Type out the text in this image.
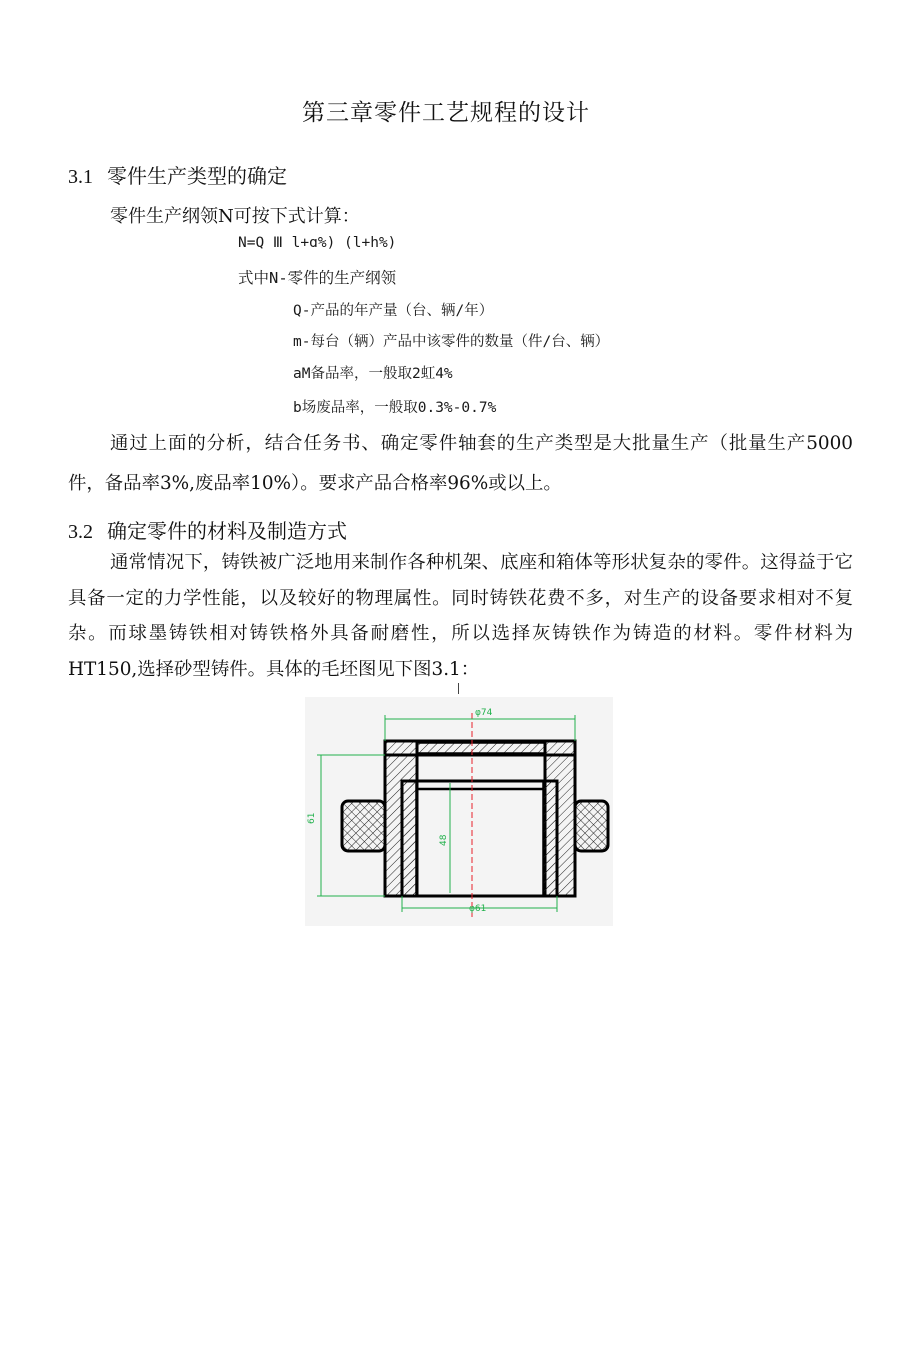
第三章零件工艺规程的设计
3.1 零件生产类型的确定
零件生产纲领N可按下式计算：
N=Q Ⅲ l+ɑ%) (l+h%)
式中N-零件的生产纲领
Q-产品的年产量（台、辆/年）
m-每台（辆）产品中该零件的数量（件/台、辆）
aM备品率，一般取2虹4%
b场废品率，一般取0.3%-0.7%
通过上面的分析，结合任务书、确定零件轴套的生产类型是大批量生产（批量生产5000件，备品率3%,废品率10%）。要求产品合格率96%或以上。
3.2 确定零件的材料及制造方式
通常情况下，铸铁被广泛地用来制作各种机架、底座和箱体等形状复杂的零件。这得益于它具备一定的力学性能，以及较好的物理属性。同时铸铁花费不多，对生产的设备要求相对不复杂。而球墨铸铁相对铸铁格外具备耐磨性，所以选择灰铸铁作为铸造的材料。零件材料为HT150,选择砂型铸件。具体的毛坯图见下图3.1：
φ74
61
48
φ61
